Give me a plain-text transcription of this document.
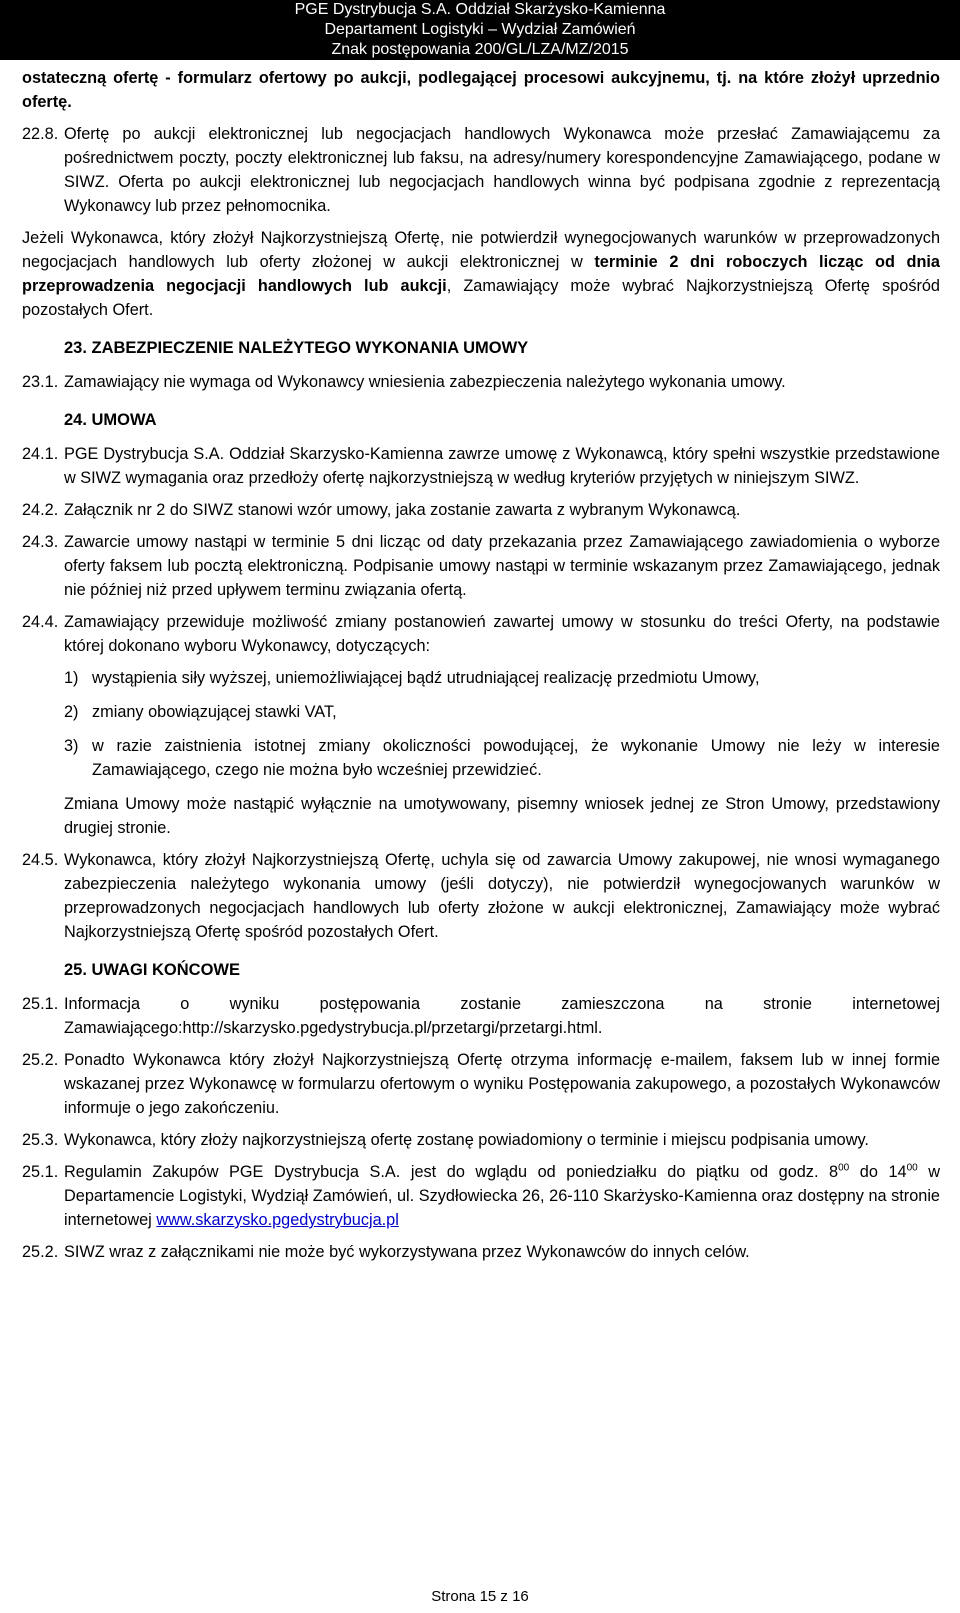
PGE Dystrybucja S.A. Oddział Skarżysko-Kamienna
Departament Logistyki – Wydział Zamówień
Znak postępowania 200/GL/LZA/MZ/2015

ostateczną ofertę - formularz ofertowy po aukcji, podlegającej procesowi aukcyjnemu, tj. na które złożył uprzednio ofertę.

22.8. Ofertę po aukcji elektronicznej lub negocjacjach handlowych Wykonawca może przesłać Zamawiającemu za pośrednictwem poczty, poczty elektronicznej lub faksu, na adresy/numery korespondencyjne Zamawiającego, podane w SIWZ. Oferta po aukcji elektronicznej lub negocjacjach handlowych winna być podpisana zgodnie z reprezentacją Wykonawcy lub przez pełnomocnika.

Jeżeli Wykonawca, który złożył Najkorzystniejszą Ofertę, nie potwierdził wynegocjowanych warunków w przeprowadzonych negocjacjach handlowych lub oferty złożonej w aukcji elektronicznej w terminie 2 dni roboczych licząc od dnia przeprowadzenia negocjacji handlowych lub aukcji, Zamawiający może wybrać Najkorzystniejszą Ofertę spośród pozostałych Ofert.

23. ZABEZPIECZENIE NALEŻYTEGO WYKONANIA UMOWY
23.1. Zamawiający nie wymaga od Wykonawcy wniesienia zabezpieczenia należytego wykonania umowy.
24. UMOWA
24.1. PGE Dystrybucja S.A. Oddział Skarzysko-Kamienna zawrze umowę z Wykonawcą, który spełni wszystkie przedstawione w SIWZ wymagania oraz przedłoży ofertę najkorzystniejszą w według kryteriów przyjętych w niniejszym SIWZ.
24.2. Załącznik nr 2 do SIWZ stanowi wzór umowy, jaka zostanie zawarta z wybranym Wykonawcą.
24.3. Zawarcie umowy nastąpi w terminie 5 dni licząc od daty przekazania przez Zamawiającego zawiadomienia o wyborze oferty faksem lub pocztą elektroniczną. Podpisanie umowy nastąpi w terminie wskazanym przez Zamawiającego, jednak nie później niż przed upływem terminu związania ofertą.
24.4. Zamawiający przewiduje możliwość zmiany postanowień zawartej umowy w stosunku do treści Oferty, na podstawie której dokonano wyboru Wykonawcy, dotyczących:
1) wystąpienia siły wyższej, uniemożliwiającej bądź utrudniającej realizację przedmiotu Umowy,
2) zmiany obowiązującej stawki VAT,
3) w razie zaistnienia istotnej zmiany okoliczności powodującej, że wykonanie Umowy nie leży w interesie Zamawiającego, czego nie można było wcześniej przewidzieć.
Zmiana Umowy może nastąpić wyłącznie na umotywowany, pisemny wniosek jednej ze Stron Umowy, przedstawiony drugiej stronie.
24.5. Wykonawca, który złożył Najkorzystniejszą Ofertę, uchyla się od zawarcia Umowy zakupowej, nie wnosi wymaganego zabezpieczenia należytego wykonania umowy (jeśli dotyczy), nie potwierdził wynegocjowanych warunków w przeprowadzonych negocjacjach handlowych lub oferty złożone w aukcji elektronicznej, Zamawiający może wybrać Najkorzystniejszą Ofertę spośród pozostałych Ofert.
25. UWAGI KOŃCOWE
25.1. Informacja o wyniku postępowania zostanie zamieszczona na stronie internetowej Zamawiającego:http://skarzysko.pgedystrybucja.pl/przetargi/przetargi.html.
25.2. Ponadto Wykonawca który złożył Najkorzystniejszą Ofertę otrzyma informację e-mailem, faksem lub w innej formie wskazanej przez Wykonawcę w formularzu ofertowym o wyniku Postępowania zakupowego, a pozostałych Wykonawców informuje o jego zakończeniu.
25.3. Wykonawca, który złoży najkorzystniejszą ofertę zostanę powiadomiony o terminie i miejscu podpisania umowy.
25.1. Regulamin Zakupów PGE Dystrybucja S.A. jest do wglądu od poniedziałku do piątku od godz. $8^{00}$ do $14^{00}$ w Departamencie Logistyki, Wydziął Zamówień, ul. Szydłowiecka 26, 26-110 Skarżysko-Kamienna oraz dostępny na stronie internetowej www.skarzysko.pgedystrybucja.pl
25.2. SIWZ wraz z załącznikami nie może być wykorzystywana przez Wykonawców do innych celów.
Strona 15 z 16
